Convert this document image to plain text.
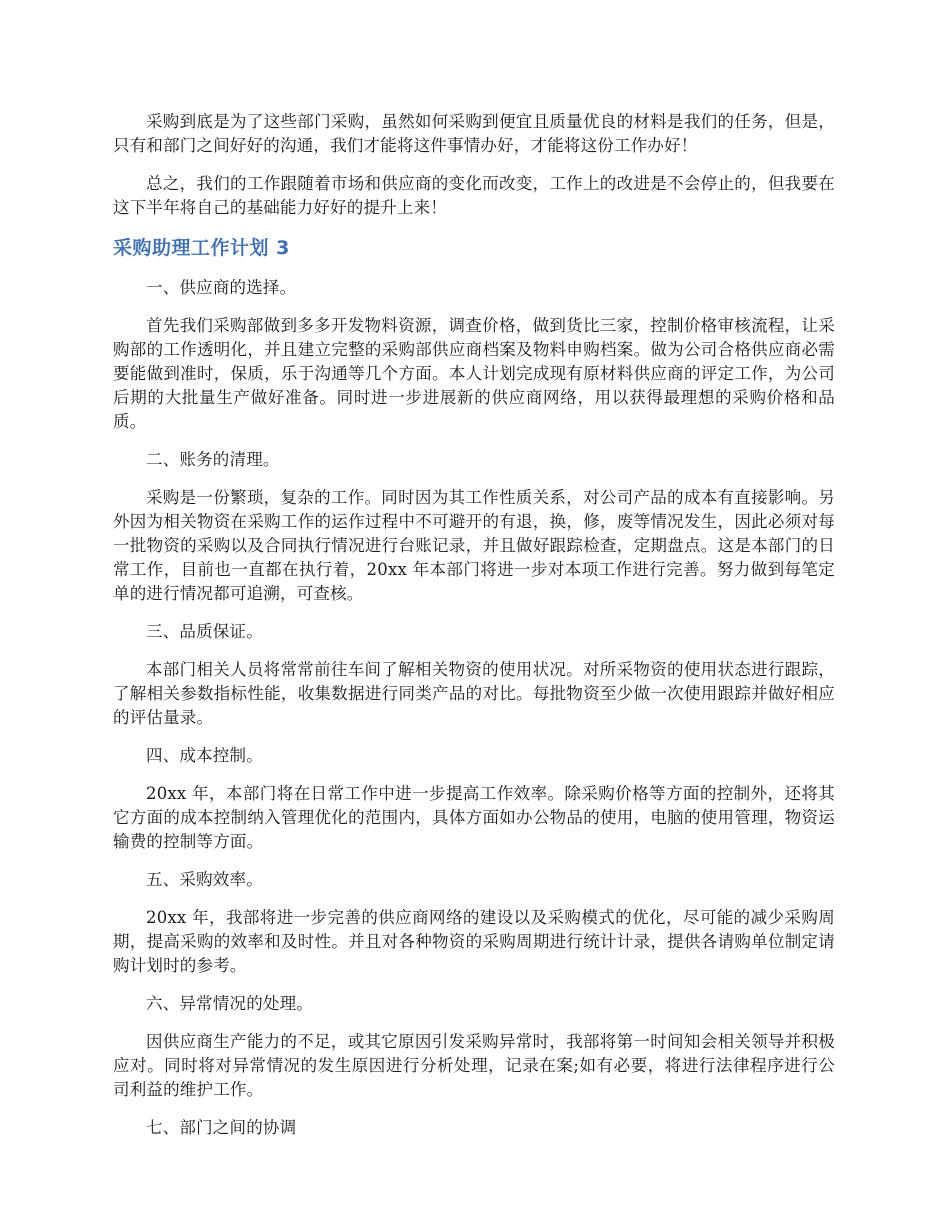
采购到底是为了这些部门采购，虽然如何采购到便宜且质量优良的材料是我们的任务，但是，只有和部门之间好好的沟通，我们才能将这件事情办好，才能将这份工作办好！

总之，我们的工作跟随着市场和供应商的变化而改变，工作上的改进是不会停止的，但我要在这下半年将自己的基础能力好好的提升上来！

采购助理工作计划 3

一、供应商的选择。

首先我们采购部做到多多开发物料资源，调查价格，做到货比三家，控制价格审核流程，让采购部的工作透明化，并且建立完整的采购部供应商档案及物料申购档案。做为公司合格供应商必需要能做到准时，保质，乐于沟通等几个方面。本人计划完成现有原材料供应商的评定工作，为公司后期的大批量生产做好准备。同时进一步进展新的供应商网络，用以获得最理想的采购价格和品质。

二、账务的清理。

采购是一份繁琐，复杂的工作。同时因为其工作性质关系，对公司产品的成本有直接影响。另外因为相关物资在采购工作的运作过程中不可避开的有退，换，修，废等情况发生，因此必须对每一批物资的采购以及合同执行情况进行台账记录，并且做好跟踪检查，定期盘点。这是本部门的日常工作，目前也一直都在执行着，20xx 年本部门将进一步对本项工作进行完善。努力做到每笔定单的进行情况都可追溯，可查核。

三、品质保证。

本部门相关人员将常常前往车间了解相关物资的使用状况。对所采物资的使用状态进行跟踪，了解相关参数指标性能，收集数据进行同类产品的对比。每批物资至少做一次使用跟踪并做好相应的评估量录。

四、成本控制。

20xx 年，本部门将在日常工作中进一步提高工作效率。除采购价格等方面的控制外，还将其它方面的成本控制纳入管理优化的范围内，具体方面如办公物品的使用，电脑的使用管理，物资运输费的控制等方面。

五、采购效率。

20xx 年，我部将进一步完善的供应商网络的建设以及采购模式的优化，尽可能的减少采购周期，提高采购的效率和及时性。并且对各种物资的采购周期进行统计计录，提供各请购单位制定请购计划时的参考。

六、异常情况的处理。

因供应商生产能力的不足，或其它原因引发采购异常时，我部将第一时间知会相关领导并积极应对。同时将对异常情况的发生原因进行分析处理，记录在案;如有必要，将进行法律程序进行公司利益的维护工作。

七、部门之间的协调
